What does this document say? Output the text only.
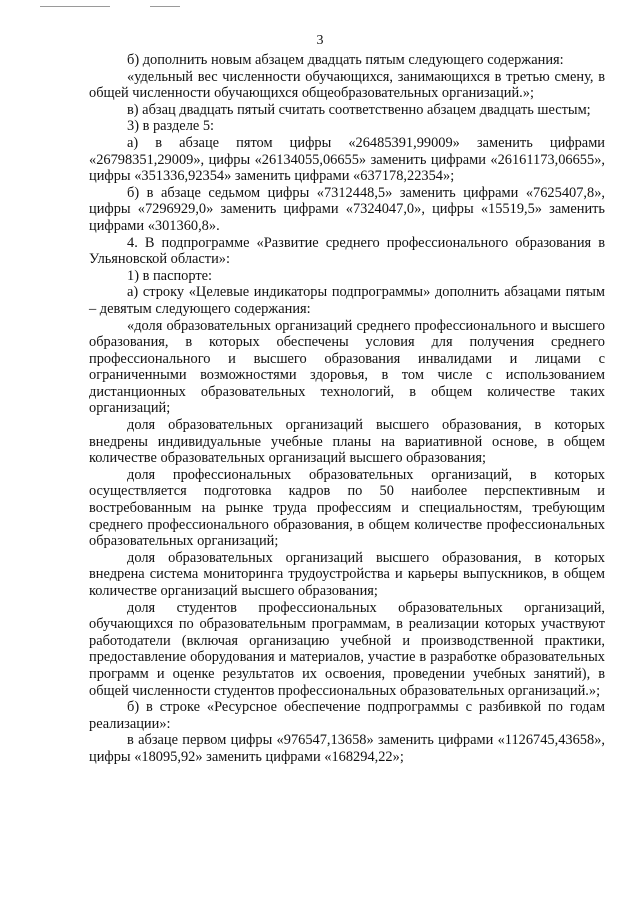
3

б) дополнить новым абзацем двадцать пятым следующего содержания:

«удельный вес численности обучающихся, занимающихся в третью смену, в общей численности обучающихся общеобразовательных организаций.»;

в) абзац двадцать пятый считать соответственно абзацем двадцать шестым;

3) в разделе 5:

а) в абзаце пятом цифры «26485391,99009» заменить цифрами «26798351,29009», цифры «26134055,06655» заменить цифрами «26161173,06655», цифры «351336,92354» заменить цифрами «637178,22354»;

б) в абзаце седьмом цифры «7312448,5» заменить цифрами «7625407,8», цифры «7296929,0» заменить цифрами «7324047,0», цифры «15519,5» заменить цифрами «301360,8».

4. В подпрограмме «Развитие среднего профессионального образования в Ульяновской области»:

1) в паспорте:

а) строку «Целевые индикаторы подпрограммы» дополнить абзацами пятым – девятым следующего содержания:

«доля образовательных организаций среднего профессионального и высшего образования, в которых обеспечены условия для получения среднего профессионального и высшего образования инвалидами и лицами с ограниченными возможностями здоровья, в том числе с использованием дистанционных образовательных технологий, в общем количестве таких организаций;

доля образовательных организаций высшего образования, в которых внедрены индивидуальные учебные планы на вариативной основе, в общем количестве образовательных организаций высшего образования;

доля профессиональных образовательных организаций, в которых осуществляется подготовка кадров по 50 наиболее перспективным и востребованным на рынке труда профессиям и специальностям, требующим среднего профессионального образования, в общем количестве профессиональных образовательных организаций;

доля образовательных организаций высшего образования, в которых внедрена система мониторинга трудоустройства и карьеры выпускников, в общем количестве организаций высшего образования;

доля студентов профессиональных образовательных организаций, обучающихся по образовательным программам, в реализации которых участвуют работодатели (включая организацию учебной и производственной практики, предоставление оборудования и материалов, участие в разработке образовательных программ и оценке результатов их освоения, проведении учебных занятий), в общей численности студентов профессиональных образовательных организаций.»;

б) в строке «Ресурсное обеспечение подпрограммы с разбивкой по годам реализации»:

в абзаце первом цифры «976547,13658» заменить цифрами «1126745,43658», цифры «18095,92» заменить цифрами «168294,22»;
